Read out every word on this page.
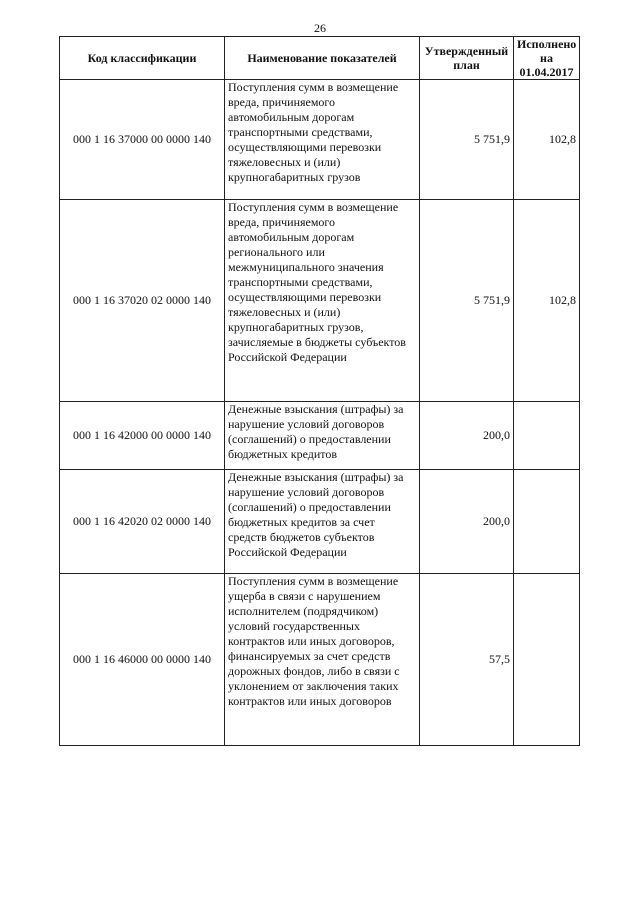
26
Код классификации	Наименование показателей	Утвержденный план	Исполнено на 01.04.2017
000 1 16 37000 00 0000 140	Поступления сумм в возмещение вреда, причиняемого автомобильным дорогам транспортными средствами, осуществляющими перевозки тяжеловесных и (или) крупногабаритных грузов	5 751,9	102,8
000 1 16 37020 02 0000 140	Поступления сумм в возмещение вреда, причиняемого автомобильным дорогам регионального или межмуниципального значения транспортными средствами, осуществляющими перевозки тяжеловесных и (или) крупногабаритных грузов, зачисляемые в бюджеты субъектов Российской Федерации	5 751,9	102,8
000 1 16 42000 00 0000 140	Денежные взыскания (штрафы) за нарушение условий договоров (соглашений) о предоставлении бюджетных кредитов	200,0	
000 1 16 42020 02 0000 140	Денежные взыскания (штрафы) за нарушение условий договоров (соглашений) о предоставлении бюджетных кредитов за счет средств бюджетов субъектов Российской Федерации	200,0	
000 1 16 46000 00 0000 140	Поступления сумм в возмещение ущерба в связи с нарушением исполнителем (подрядчиком) условий государственных контрактов или иных договоров, финансируемых за счет средств дорожных фондов, либо в связи с уклонением от заключения таких контрактов или иных договоров	57,5	
